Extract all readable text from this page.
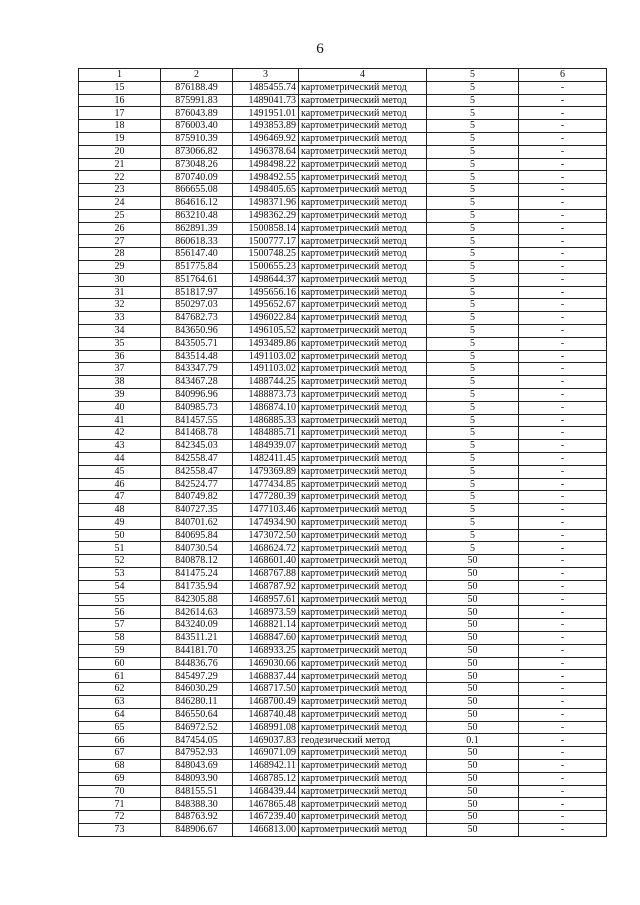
6
1	2	3	4	5	6
15	876188.49	1485455.74	картометрический метод	5	-
16	875991.83	1489041.73	картометрический метод	5	-
17	876043.89	1491951.01	картометрический метод	5	-
18	876003.40	1493853.89	картометрический метод	5	-
19	875910.39	1496469.92	картометрический метод	5	-
20	873066.82	1496378.64	картометрический метод	5	-
21	873048.26	1498498.22	картометрический метод	5	-
22	870740.09	1498492.55	картометрический метод	5	-
23	866655.08	1498405.65	картометрический метод	5	-
24	864616.12	1498371.96	картометрический метод	5	-
25	863210.48	1498362.29	картометрический метод	5	-
26	862891.39	1500858.14	картометрический метод	5	-
27	860618.33	1500777.17	картометрический метод	5	-
28	856147.40	1500748.25	картометрический метод	5	-
29	851775.84	1500655.23	картометрический метод	5	-
30	851764.61	1498644.37	картометрический метод	5	-
31	851817.97	1495656.16	картометрический метод	5	-
32	850297.03	1495652.67	картометрический метод	5	-
33	847682.73	1496022.84	картометрический метод	5	-
34	843650.96	1496105.52	картометрический метод	5	-
35	843505.71	1493489.86	картометрический метод	5	-
36	843514.48	1491103.02	картометрический метод	5	-
37	843347.79	1491103.02	картометрический метод	5	-
38	843467.28	1488744.25	картометрический метод	5	-
39	840996.96	1488873.73	картометрический метод	5	-
40	840985.73	1486874.10	картометрический метод	5	-
41	841457.55	1486885.33	картометрический метод	5	-
42	841468.78	1484885.71	картометрический метод	5	-
43	842345.03	1484939.07	картометрический метод	5	-
44	842558.47	1482411.45	картометрический метод	5	-
45	842558.47	1479369.89	картометрический метод	5	-
46	842524.77	1477434.85	картометрический метод	5	-
47	840749.82	1477280.39	картометрический метод	5	-
48	840727.35	1477103.46	картометрический метод	5	-
49	840701.62	1474934.90	картометрический метод	5	-
50	840695.84	1473072.50	картометрический метод	5	-
51	840730.54	1468624.72	картометрический метод	5	-
52	840878.12	1468601.40	картометрический метод	50	-
53	841475.24	1468767.88	картометрический метод	50	-
54	841735.94	1468787.92	картометрический метод	50	-
55	842305.88	1468957.61	картометрический метод	50	-
56	842614.63	1468973.59	картометрический метод	50	-
57	843240.09	1468821.14	картометрический метод	50	-
58	843511.21	1468847.60	картометрический метод	50	-
59	844181.70	1468933.25	картометрический метод	50	-
60	844836.76	1469030.66	картометрический метод	50	-
61	845497.29	1468837.44	картометрический метод	50	-
62	846030.29	1468717.50	картометрический метод	50	-
63	846280.11	1468700.49	картометрический метод	50	-
64	846550.64	1468740.48	картометрический метод	50	-
65	846972.52	1468991.08	картометрический метод	50	-
66	847454.05	1469037.83	геодезический метод	0.1	-
67	847952.93	1469071.09	картометрический метод	50	-
68	848043.69	1468942.11	картометрический метод	50	-
69	848093.90	1468785.12	картометрический метод	50	-
70	848155.51	1468439.44	картометрический метод	50	-
71	848388.30	1467865.48	картометрический метод	50	-
72	848763.92	1467239.40	картометрический метод	50	-
73	848906.67	1466813.00	картометрический метод	50	-
